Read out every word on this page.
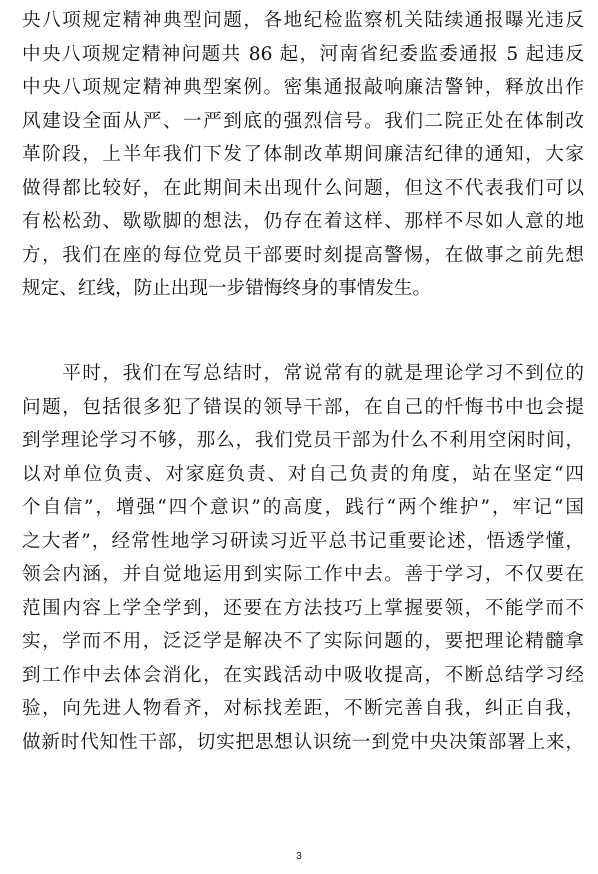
央八项规定精神典型问题，各地纪检监察机关陆续通报曝光违反
中央八项规定精神问题共 86 起，河南省纪委监委通报 5 起违反
中央八项规定精神典型案例。密集通报敲响廉洁警钟，释放出作
风建设全面从严、一严到底的强烈信号。我们二院正处在体制改
革阶段，上半年我们下发了体制改革期间廉洁纪律的通知，大家
做得都比较好，在此期间未出现什么问题，但这不代表我们可以
有松松劲、歇歇脚的想法，仍存在着这样、那样不尽如人意的地
方，我们在座的每位党员干部要时刻提高警惕，在做事之前先想
规定、红线，防止出现一步错悔终身的事情发生。
　　平时，我们在写总结时，常说常有的就是理论学习不到位的
问题，包括很多犯了错误的领导干部，在自己的忏悔书中也会提
到学理论学习不够，那么，我们党员干部为什么不利用空闲时间，
以对单位负责、对家庭负责、对自己负责的角度，站在坚定“四
个自信”，增强“四个意识”的高度，践行“两个维护”，牢记“国
之大者”，经常性地学习研读习近平总书记重要论述，悟透学懂，
领会内涵，并自觉地运用到实际工作中去。善于学习，不仅要在
范围内容上学全学到，还要在方法技巧上掌握要领，不能学而不
实，学而不用，泛泛学是解决不了实际问题的，要把理论精髓拿
到工作中去体会消化，在实践活动中吸收提高，不断总结学习经
验，向先进人物看齐，对标找差距，不断完善自我，纠正自我，
做新时代知性干部，切实把思想认识统一到党中央决策部署上来，
3
